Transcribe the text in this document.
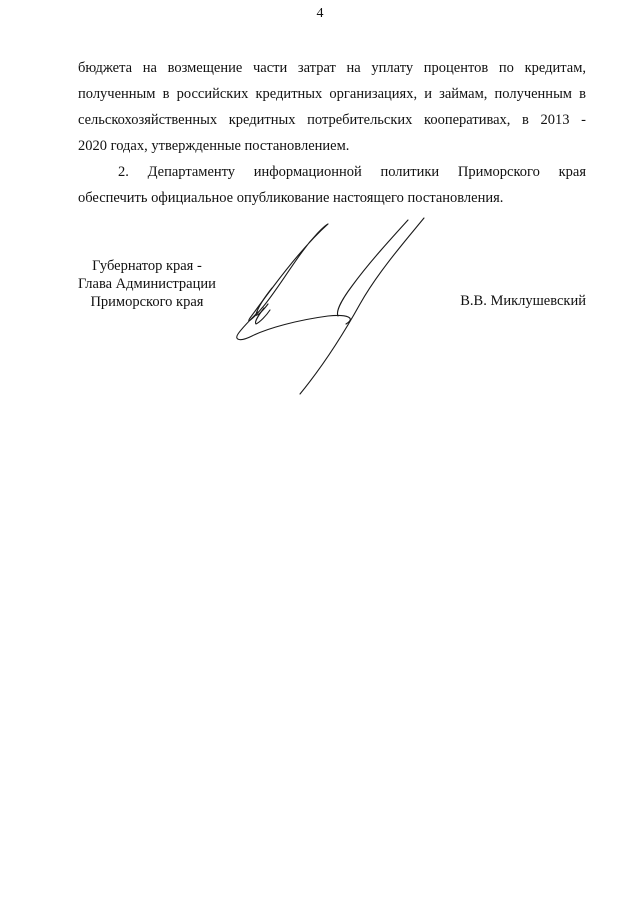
4

бюджета на возмещение части затрат на уплату процентов по кредитам,
полученным в российских кредитных организациях, и займам, полученным в
сельскохозяйственных кредитных потребительских кооперативах, в 2013 -
2020 годах, утвержденные постановлением.

2. Департаменту информационной политики Приморского края
обеспечить официальное опубликование настоящего постановления.

Губернатор края -
Глава Администрации
Приморского края	В.В. Миклушевский
